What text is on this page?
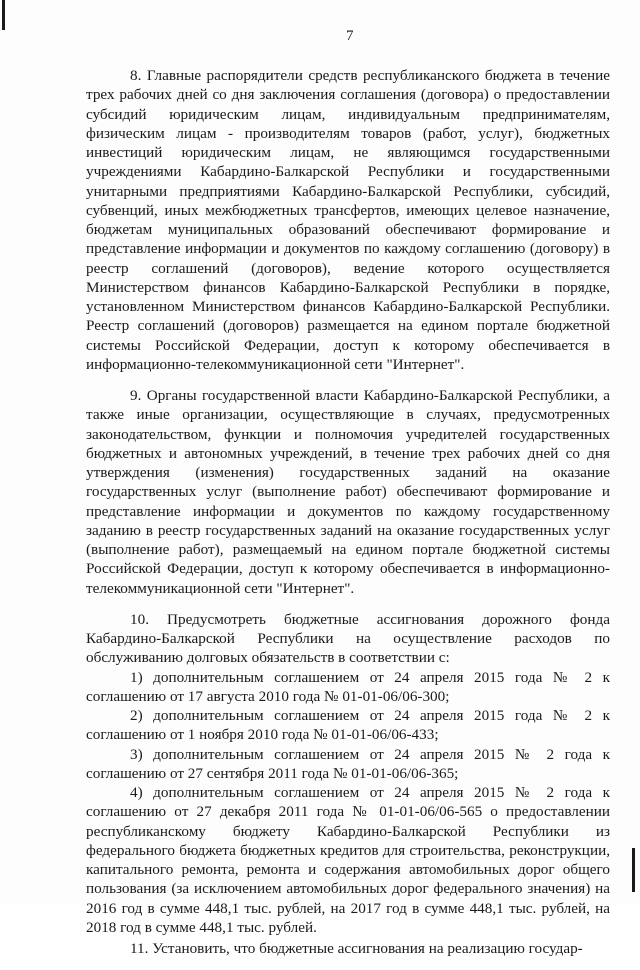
7

8. Главные распорядители средств республиканского бюджета в течение трех рабочих дней со дня заключения соглашения (договора) о предоставлении субсидий юридическим лицам, индивидуальным предпринимателям, физическим лицам - производителям товаров (работ, услуг), бюджетных инвестиций юридическим лицам, не являющимся государственными учреждениями Кабардино-Балкарской Республики и государственными унитарными предприятиями Кабардино-Балкарской Республики, субсидий, субвенций, иных межбюджетных трансфертов, имеющих целевое назначение, бюджетам муниципальных образований обеспечивают формирование и представление информации и документов по каждому соглашению (договору) в реестр соглашений (договоров), ведение которого осуществляется Министерством финансов Кабардино-Балкарской Республики в порядке, установленном Министерством финансов Кабардино-Балкарской Республики. Реестр соглашений (договоров) размещается на едином портале бюджетной системы Российской Федерации, доступ к которому обеспечивается в информационно-телекоммуникационной сети "Интернет".

9. Органы государственной власти Кабардино-Балкарской Республики, а также иные организации, осуществляющие в случаях, предусмотренных законодательством, функции и полномочия учредителей государственных бюджетных и автономных учреждений, в течение трех рабочих дней со дня утверждения (изменения) государственных заданий на оказание государственных услуг (выполнение работ) обеспечивают формирование и представление информации и документов по каждому государственному заданию в реестр государственных заданий на оказание государственных услуг (выполнение работ), размещаемый на едином портале бюджетной системы Российской Федерации, доступ к которому обеспечивается в информационно-телекоммуникационной сети "Интернет".

10. Предусмотреть бюджетные ассигнования дорожного фонда Кабардино-Балкарской Республики на осуществление расходов по обслуживанию долговых обязательств в соответствии с:

1) дополнительным соглашением от 24 апреля 2015 года № 2 к соглашению от 17 августа 2010 года № 01-01-06/06-300;

2) дополнительным соглашением от 24 апреля 2015 года № 2 к соглашению от 1 ноября 2010 года № 01-01-06/06-433;

3) дополнительным соглашением от 24 апреля 2015 № 2 года к соглашению от 27 сентября 2011 года № 01-01-06/06-365;

4) дополнительным соглашением от 24 апреля 2015 № 2 года к соглашению от 27 декабря 2011 года № 01-01-06/06-565 о предоставлении республиканскому бюджету Кабардино-Балкарской Республики из федерального бюджета бюджетных кредитов для строительства, реконструкции, капитального ремонта, ремонта и содержания автомобильных дорог общего пользования (за исключением автомобильных дорог федерального значения) на 2016 год в сумме 448,1 тыс. рублей, на 2017 год в сумме 448,1 тыс. рублей, на 2018 год в сумме 448,1 тыс. рублей.

11. Установить, что бюджетные ассигнования на реализацию государ-
